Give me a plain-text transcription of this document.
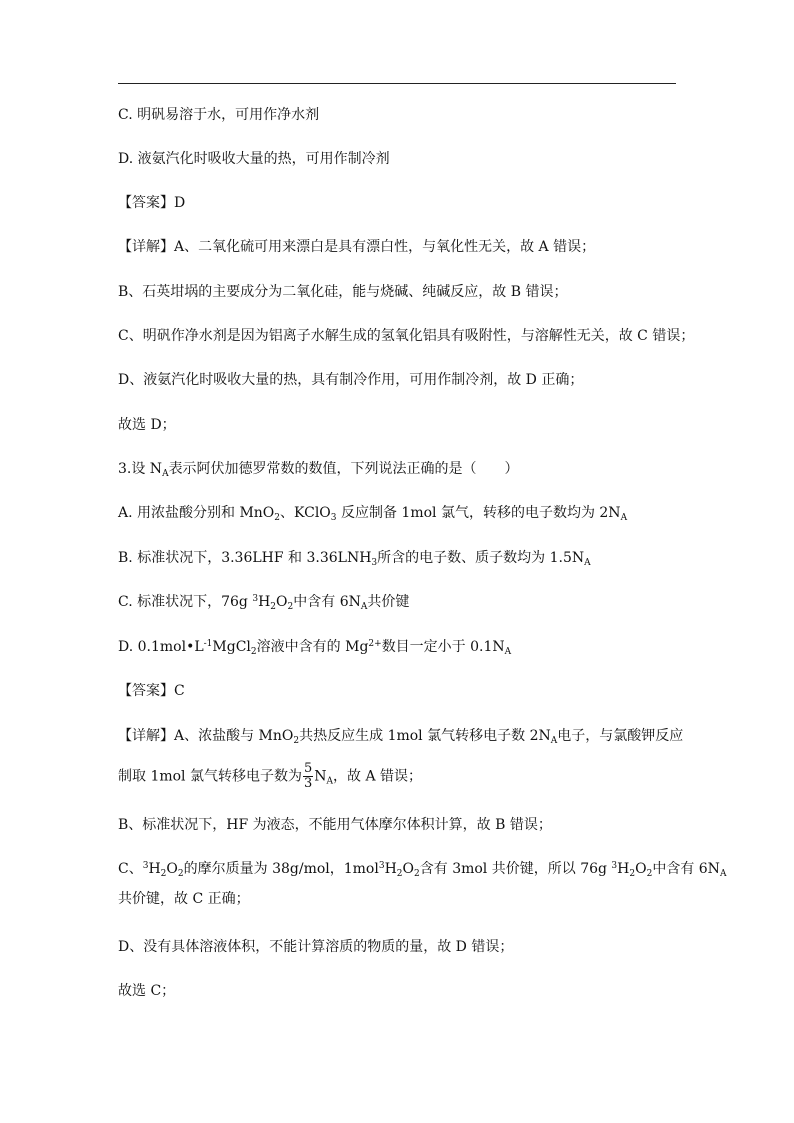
C. 明矾易溶于水，可用作净水剂
D. 液氨汽化时吸收大量的热，可用作制冷剂
【答案】D
【详解】A、二氧化硫可用来漂白是具有漂白性，与氧化性无关，故 A 错误；
B、石英坩埚的主要成分为二氧化硅，能与烧碱、纯碱反应，故 B 错误；
C、明矾作净水剂是因为铝离子水解生成的氢氧化铝具有吸附性，与溶解性无关，故 C 错误；
D、液氨汽化时吸收大量的热，具有制冷作用，可用作制冷剂，故 D 正确；
故选 D；
3.设 $N_A$表示阿伏加德罗常数的数值，下列说法正确的是（　　）
A. 用浓盐酸分别和 MnO$_2$、KClO$_3$ 反应制备 1mol 氯气，转移的电子数均为 $2N_A$
B. 标准状况下，3.36LHF 和 $3.36LNH_3$所含的电子数、质子数均为 $1.5N_A$
C. 标准状况下，76g $^3H_2O_2$中含有 $6N_A$共价键
D. $0.1mol•L^{-1}MgCl_2$溶液中含有的 $Mg^{2+}$数目一定小于 $0.1N_A$
【答案】C
【详解】A、浓盐酸与 MnO$_2$共热反应生成 1mol 氯气转移电子数 $2N_A$电子，与氯酸钾反应
制取 1mol 氯气转移电子数为 $\frac{5}{3} N_A$，故 A 错误；
B、标准状况下，HF 为液态，不能用气体摩尔体积计算，故 B 错误；
C、$^3H_2O_2$的摩尔质量为 38g/mol，$1mol^3H_2O_2$含有 3mol 共价键，所以 76g $^3H_2O_2$中含有 $6N_A$
共价键，故 C 正确；
D、没有具体溶液体积，不能计算溶质的物质的量，故 D 错误；
故选 C；
